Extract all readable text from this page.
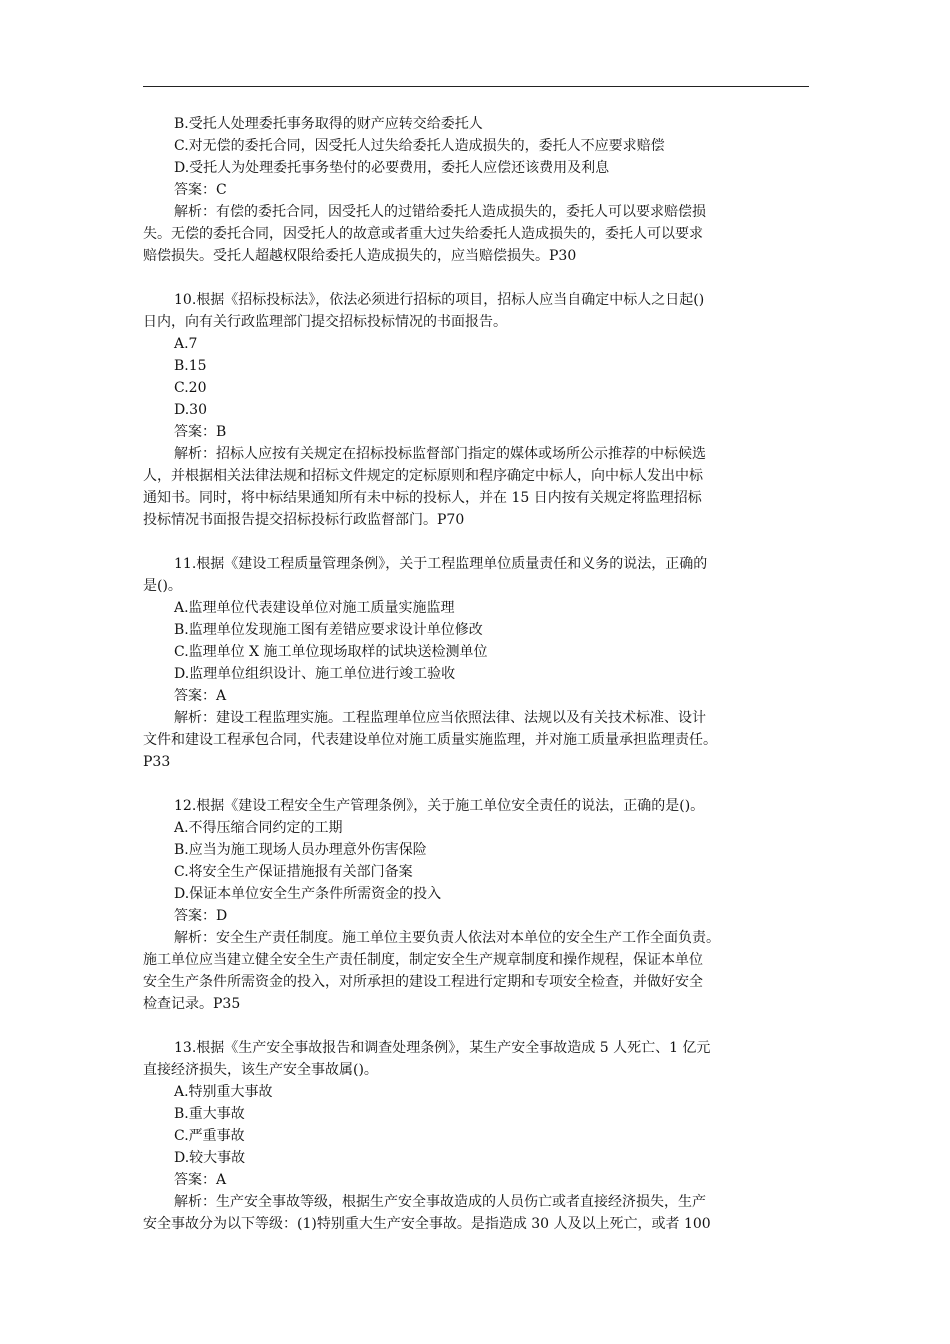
B.受托人处理委托事务取得的财产应转交给委托人
C.对无偿的委托合同，因受托人过失给委托人造成损失的，委托人不应要求赔偿
D.受托人为处理委托事务垫付的必要费用，委托人应偿还该费用及利息
答案：C
解析：有偿的委托合同，因受托人的过错给委托人造成损失的，委托人可以要求赔偿损
失。无偿的委托合同，因受托人的故意或者重大过失给委托人造成损失的，委托人可以要求
赔偿损失。受托人超越权限给委托人造成损失的，应当赔偿损失。P30
10.根据《招标投标法》，依法必须进行招标的项目，招标人应当自确定中标人之日起()
日内，向有关行政监理部门提交招标投标情况的书面报告。
A.7
B.15
C.20
D.30
答案：B
解析：招标人应按有关规定在招标投标监督部门指定的媒体或场所公示推荐的中标候选
人，并根据相关法律法规和招标文件规定的定标原则和程序确定中标人，向中标人发出中标
通知书。同时，将中标结果通知所有未中标的投标人，并在 15 日内按有关规定将监理招标
投标情况书面报告提交招标投标行政监督部门。P70
11.根据《建设工程质量管理条例》，关于工程监理单位质量责任和义务的说法，正确的
是()。
A.监理单位代表建设单位对施工质量实施监理
B.监理单位发现施工图有差错应要求设计单位修改
C.监理单位 X 施工单位现场取样的试块送检测单位
D.监理单位组织设计、施工单位进行竣工验收
答案：A
解析：建设工程监理实施。工程监理单位应当依照法律、法规以及有关技术标准、设计
文件和建设工程承包合同，代表建设单位对施工质量实施监理，并对施工质量承担监理责任。
P33
12.根据《建设工程安全生产管理条例》，关于施工单位安全责任的说法，正确的是()。
A.不得压缩合同约定的工期
B.应当为施工现场人员办理意外伤害保险
C.将安全生产保证措施报有关部门备案
D.保证本单位安全生产条件所需资金的投入
答案：D
解析：安全生产责任制度。施工单位主要负责人依法对本单位的安全生产工作全面负责。
施工单位应当建立健全安全生产责任制度，制定安全生产规章制度和操作规程，保证本单位
安全生产条件所需资金的投入，对所承担的建设工程进行定期和专项安全检查，并做好安全
检查记录。P35
13.根据《生产安全事故报告和调查处理条例》，某生产安全事故造成 5 人死亡、1 亿元
直接经济损失，该生产安全事故属()。
A.特别重大事故
B.重大事故
C.严重事故
D.较大事故
答案：A
解析：生产安全事故等级，根据生产安全事故造成的人员伤亡或者直接经济损失，生产
安全事故分为以下等级：(1)特别重大生产安全事故。是指造成 30 人及以上死亡，或者 100
